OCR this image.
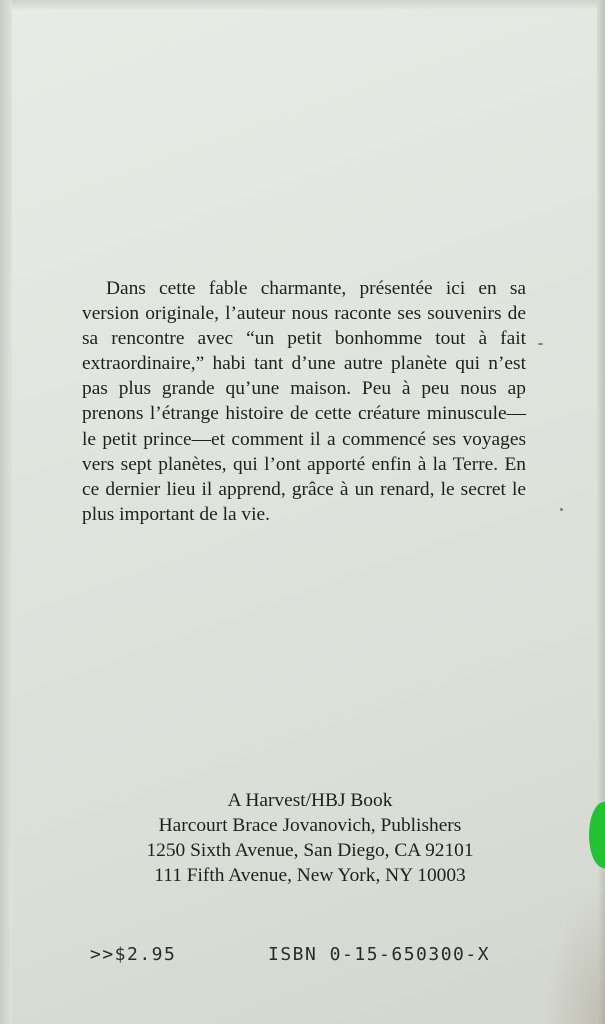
Dans cette fable charmante, présentée ici en sa version originale, l’auteur nous raconte ses souvenirs de sa rencontre avec “un petit bonhomme tout à fait extraordinaire,” habi tant d’une autre planète qui n’est pas plus grande qu’une maison. Peu à peu nous ap prenons l’étrange histoire de cette créature minuscule—le petit prince—et comment il a commencé ses voyages vers sept planètes, qui l’ont apporté enfin à la Terre. En ce dernier lieu il apprend, grâce à un renard, le secret le plus important de la vie.

A Harvest/HBJ Book
Harcourt Brace Jovanovich, Publishers
1250 Sixth Avenue, San Diego, CA 92101
111 Fifth Avenue, New York, NY 10003
>>$2.95	ISBN 0-15-650300-X
